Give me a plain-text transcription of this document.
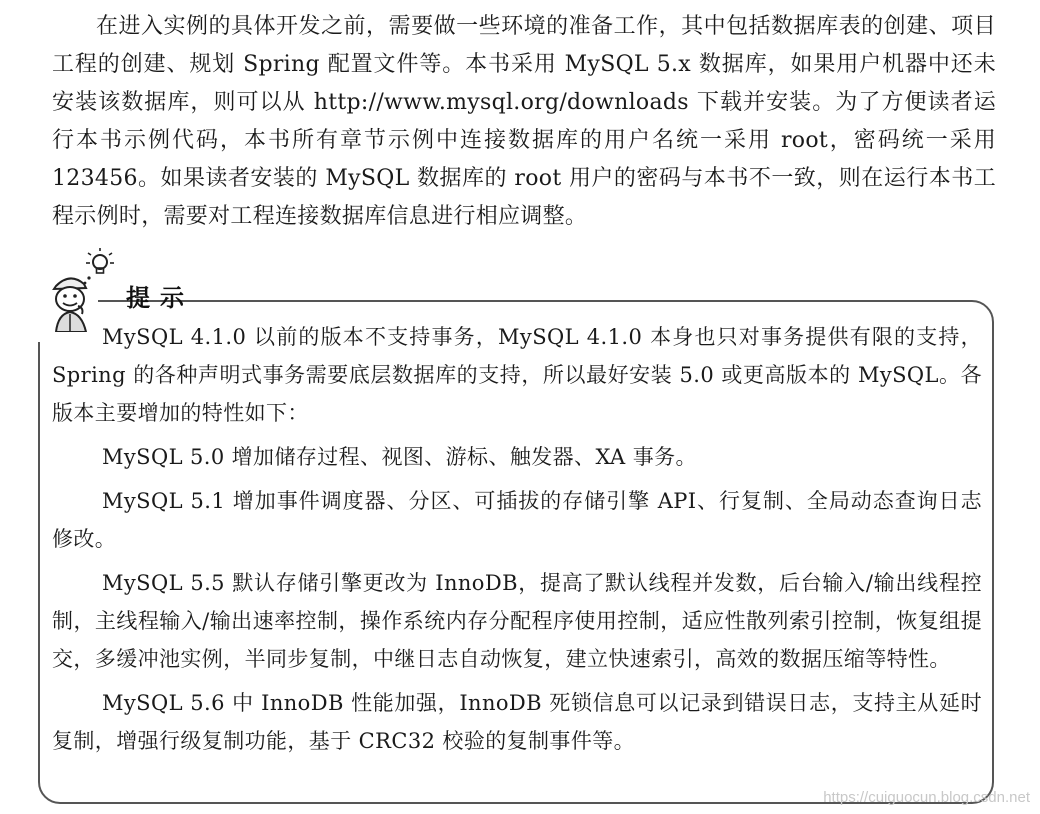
在进入实例的具体开发之前，需要做一些环境的准备工作，其中包括数据库表的创建、项目工程的创建、规划 Spring 配置文件等。本书采用 MySQL 5.x 数据库，如果用户机器中还未安装该数据库，则可以从 http://www.mysql.org/downloads 下载并安装。为了方便读者运行本书示例代码，本书所有章节示例中连接数据库的用户名统一采用 root，密码统一采用 123456。如果读者安装的 MySQL 数据库的 root 用户的密码与本书不一致，则在运行本书工程示例时，需要对工程连接数据库信息进行相应调整。

提示

MySQL 4.1.0 以前的版本不支持事务，MySQL 4.1.0 本身也只对事务提供有限的支持，Spring 的各种声明式事务需要底层数据库的支持，所以最好安装 5.0 或更高版本的 MySQL。各版本主要增加的特性如下：

MySQL 5.0 增加储存过程、视图、游标、触发器、XA 事务。

MySQL 5.1 增加事件调度器、分区、可插拔的存储引擎 API、行复制、全局动态查询日志修改。

MySQL 5.5 默认存储引擎更改为 InnoDB，提高了默认线程并发数，后台输入/输出线程控制，主线程输入/输出速率控制，操作系统内存分配程序使用控制，适应性散列索引控制，恢复组提交，多缓冲池实例，半同步复制，中继日志自动恢复，建立快速索引，高效的数据压缩等特性。

MySQL 5.6 中 InnoDB 性能加强，InnoDB 死锁信息可以记录到错误日志，支持主从延时复制，增强行级复制功能，基于 CRC32 校验的复制事件等。

https://cuiguocun.blog.csdn.net
